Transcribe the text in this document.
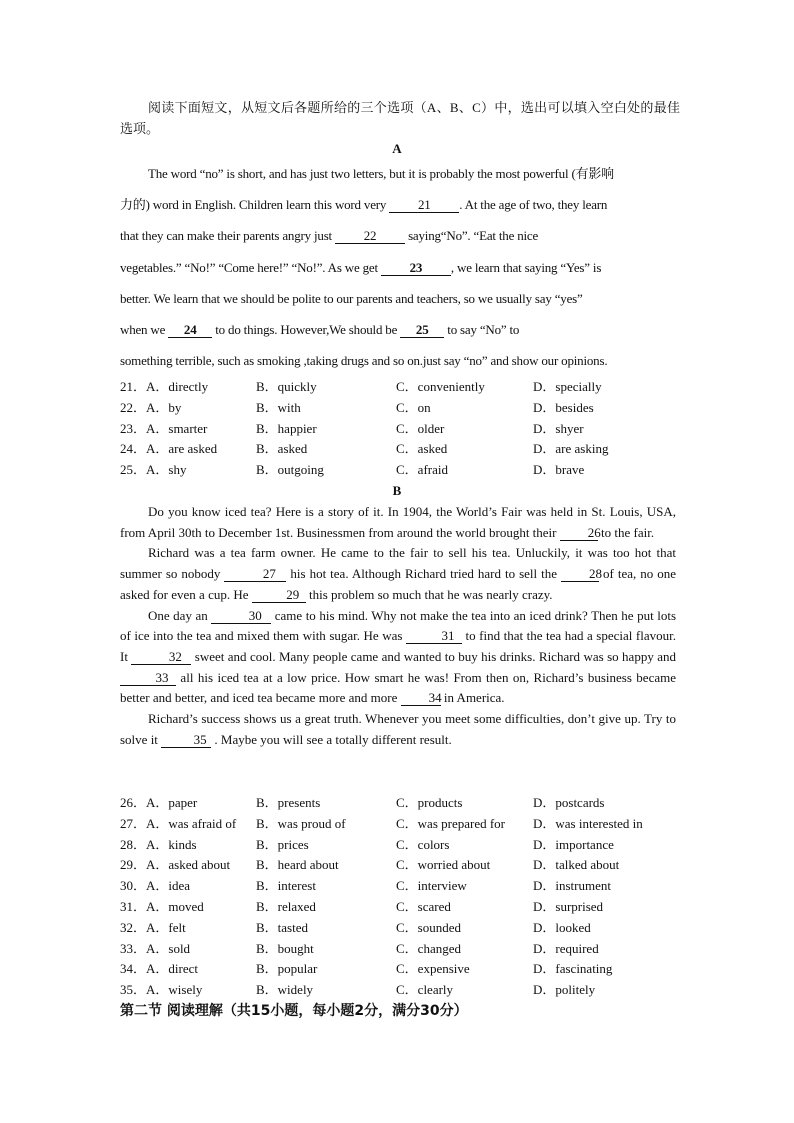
阅读下面短文，从短文后各题所给的三个选项（A、B、C）中，选出可以填入空白处的最佳选项。
A
The word “no” is short, and has just two letters, but it is probably the most powerful (有影响
力的) word in English. Children learn this word very 21 . At the age of two, they learn
that they can make their parents angry just 22 saying“No”. “Eat the nice
vegetables.” “No!” “Come here!” “No!”. As we get 23 , we learn that saying “Yes” is
better. We learn that we should be polite to our parents and teachers, so we usually say “yes”
when we 24 to do things. However,We should be 25 to say “No” to
something terrible, such as smoking ,taking drugs and so on.just say “no” and show our opinions.
21．A．directly	B．quickly	C．conveniently	D．specially
22．A．by	B．with	C．on	D．besides
23．A．smarter	B．happier	C．older	D．shyer
24．A．are asked	B．asked	C．asked	D．are asking
25．A．shy	B．outgoing	C．afraid	D．brave
B

Do you know iced tea? Here is a story of it. In 1904, the World’s Fair was held in St. Louis, USA, from April 30th to December 1st. Businessmen from around the world brought their 26 to the fair.

Richard was a tea farm owner. He came to the fair to sell his tea. Unluckily, it was too hot that summer so nobody	27 his hot tea. Although Richard tried hard to sell the 28 of tea, no one asked for even a cup. He	29 this problem so much that he was nearly crazy.

One day an	30 came to his mind. Why not make the tea into an iced drink? Then he put lots of ice into the tea and mixed them with sugar. He was	31 to find that the tea had a special flavour. It	32 sweet and cool. Many people came and wanted to buy his drinks. Richard was so happy and 33 all his iced tea at a low price. How smart he was! From then on, Richard’s business became better and better, and iced tea became more and more 34 in America.

Richard’s success shows us a great truth. Whenever you meet some difficulties, don’t give up. Try to solve it	35 . Maybe you will see a totally different result.

26．A．paper	B．presents	C．products	D．postcards
27．A．was afraid of B．was proud of	C．was prepared for D．was interested in
28．A．kinds	B．prices	C．colors	D．importance
29．A．asked about B．heard about	C．worried about	D．talked about
30．A．idea	B．interest	C．interview	D．instrument
31．A．moved	B．relaxed	C．scared	D．surprised
32．A．felt	B．tasted	C．sounded	D．looked
33．A．sold	B．bought	C．changed	D．required
34．A．direct	B．popular	C．expensive	D．fascinating
35．A．wisely	B．widely	C．clearly	D．politely
第二节 阅读理解（共15小题，每小题2分，满分30分）
